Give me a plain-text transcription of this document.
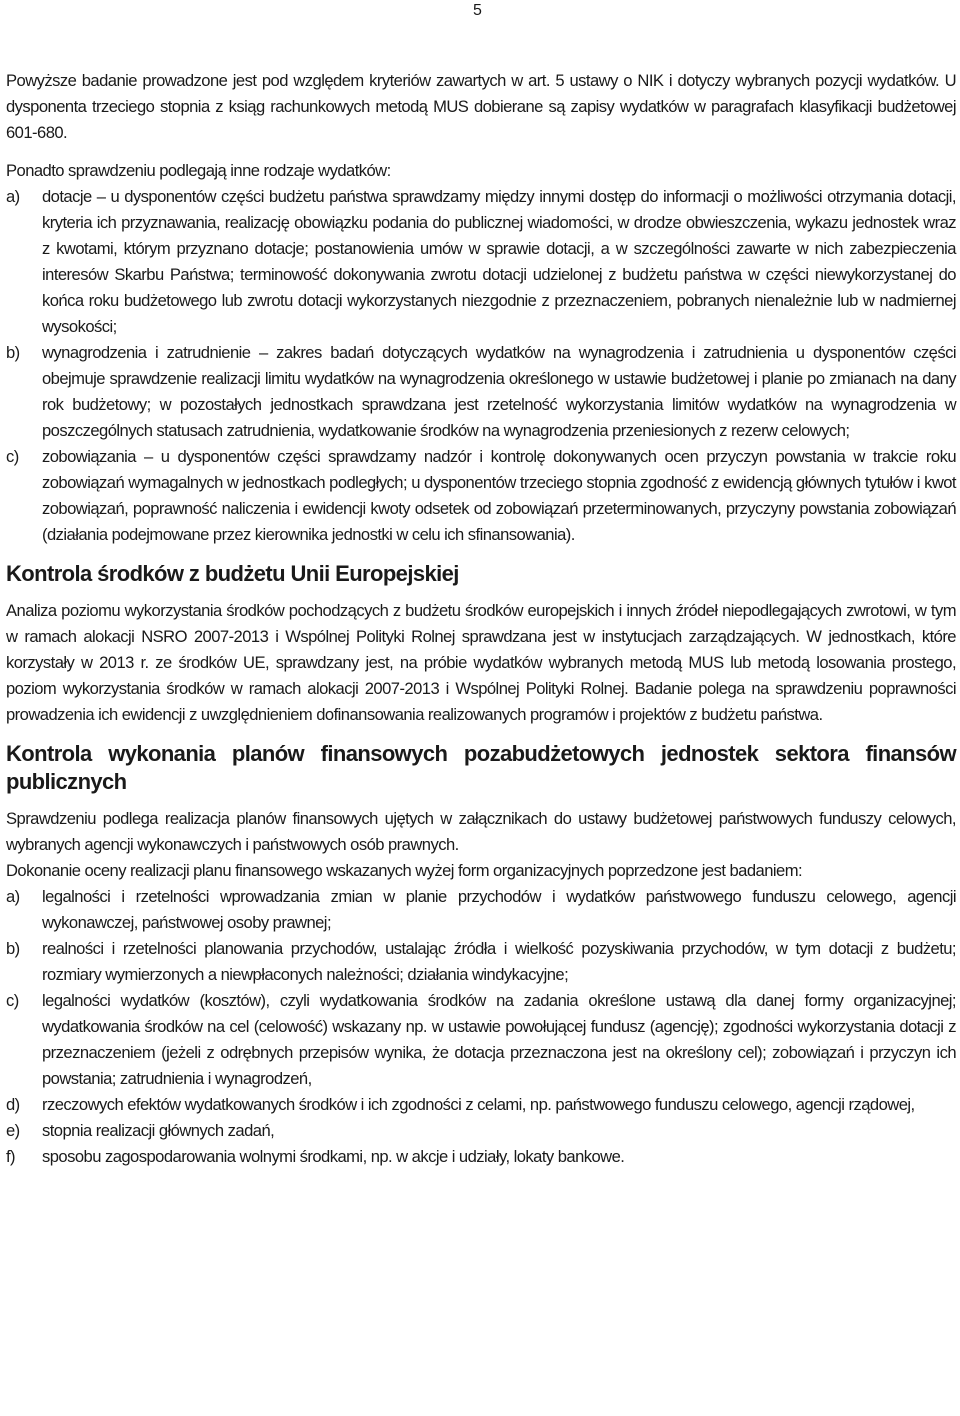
5

Powyższe badanie prowadzone jest pod względem kryteriów zawartych w art. 5 ustawy o NIK i dotyczy wybranych pozycji wydatków. U dysponenta trzeciego stopnia z ksiąg rachunkowych metodą MUS dobierane są zapisy wydatków w paragrafach klasyfikacji budżetowej 601-680.

Ponadto sprawdzeniu podlegają inne rodzaje wydatków:

a)	dotacje – u dysponentów części budżetu państwa sprawdzamy między innymi dostęp do informacji o możliwości otrzymania dotacji, kryteria ich przyznawania, realizację obowiązku podania do publicznej wiadomości, w drodze obwieszczenia, wykazu jednostek wraz z kwotami, którym przyznano dotacje; postanowienia umów w sprawie dotacji, a w szczególności zawarte w nich zabezpieczenia interesów Skarbu Państwa; terminowość dokonywania zwrotu dotacji udzielonej z budżetu państwa w części niewykorzystanej do końca roku budżetowego lub zwrotu dotacji wykorzystanych niezgodnie z przeznaczeniem, pobranych nienależnie lub w nadmiernej wysokości;
b)	wynagrodzenia i zatrudnienie – zakres badań dotyczących wydatków na wynagrodzenia i zatrudnienia u dysponentów części obejmuje sprawdzenie realizacji limitu wydatków na wynagrodzenia określonego w ustawie budżetowej i planie po zmianach na dany rok budżetowy; w pozostałych jednostkach sprawdzana jest rzetelność wykorzystania limitów wydatków na wynagrodzenia w poszczególnych statusach zatrudnienia, wydatkowanie środków na wynagrodzenia przeniesionych z rezerw celowych;
c)	zobowiązania – u dysponentów części sprawdzamy nadzór i kontrolę dokonywanych ocen przyczyn powstania w trakcie roku zobowiązań wymagalnych w jednostkach podległych; u dysponentów trzeciego stopnia zgodność z ewidencją głównych tytułów i kwot zobowiązań, poprawność naliczenia i ewidencji kwoty odsetek od zobowiązań przeterminowanych, przyczyny powstania zobowiązań (działania podejmowane przez kierownika jednostki w celu ich sfinansowania).
Kontrola środków z budżetu Unii Europejskiej

Analiza poziomu wykorzystania środków pochodzących z budżetu środków europejskich i innych źródeł niepodlegających zwrotowi, w tym w ramach alokacji NSRO 2007-2013 i Wspólnej Polityki Rolnej sprawdzana jest w instytucjach zarządzających. W jednostkach, które korzystały w 2013 r. ze środków UE, sprawdzany jest, na próbie wydatków wybranych metodą MUS lub metodą losowania prostego, poziom wykorzystania środków w ramach alokacji 2007-2013 i Wspólnej Polityki Rolnej. Badanie polega na sprawdzeniu poprawności prowadzenia ich ewidencji z uwzględnieniem dofinansowania realizowanych programów i projektów z budżetu państwa.

Kontrola wykonania planów finansowych pozabudżetowych jednostek sektora finansów publicznych

Sprawdzeniu podlega realizacja planów finansowych ujętych w załącznikach do ustawy budżetowej państwowych funduszy celowych, wybranych agencji wykonawczych i państwowych osób prawnych.

Dokonanie oceny realizacji planu finansowego wskazanych wyżej form organizacyjnych poprzedzone jest badaniem:

a)	legalności i rzetelności wprowadzania zmian w planie przychodów i wydatków państwowego funduszu celowego, agencji wykonawczej, państwowej osoby prawnej;
b)	realności i rzetelności planowania przychodów, ustalając źródła i wielkość pozyskiwania przychodów, w tym dotacji z budżetu; rozmiary wymierzonych a niewpłaconych należności; działania windykacyjne;
c)	legalności wydatków (kosztów), czyli wydatkowania środków na zadania określone ustawą dla danej formy organizacyjnej; wydatkowania środków na cel (celowość) wskazany np. w ustawie powołującej fundusz (agencję); zgodności wykorzystania dotacji z przeznaczeniem (jeżeli z odrębnych przepisów wynika, że dotacja przeznaczona jest na określony cel); zobowiązań i przyczyn ich powstania; zatrudnienia i wynagrodzeń,
d)	rzeczowych efektów wydatkowanych środków i ich zgodności z celami, np. państwowego funduszu celowego, agencji rządowej,
e)	stopnia realizacji głównych zadań,
f)	sposobu zagospodarowania wolnymi środkami, np. w akcje i udziały, lokaty bankowe.
